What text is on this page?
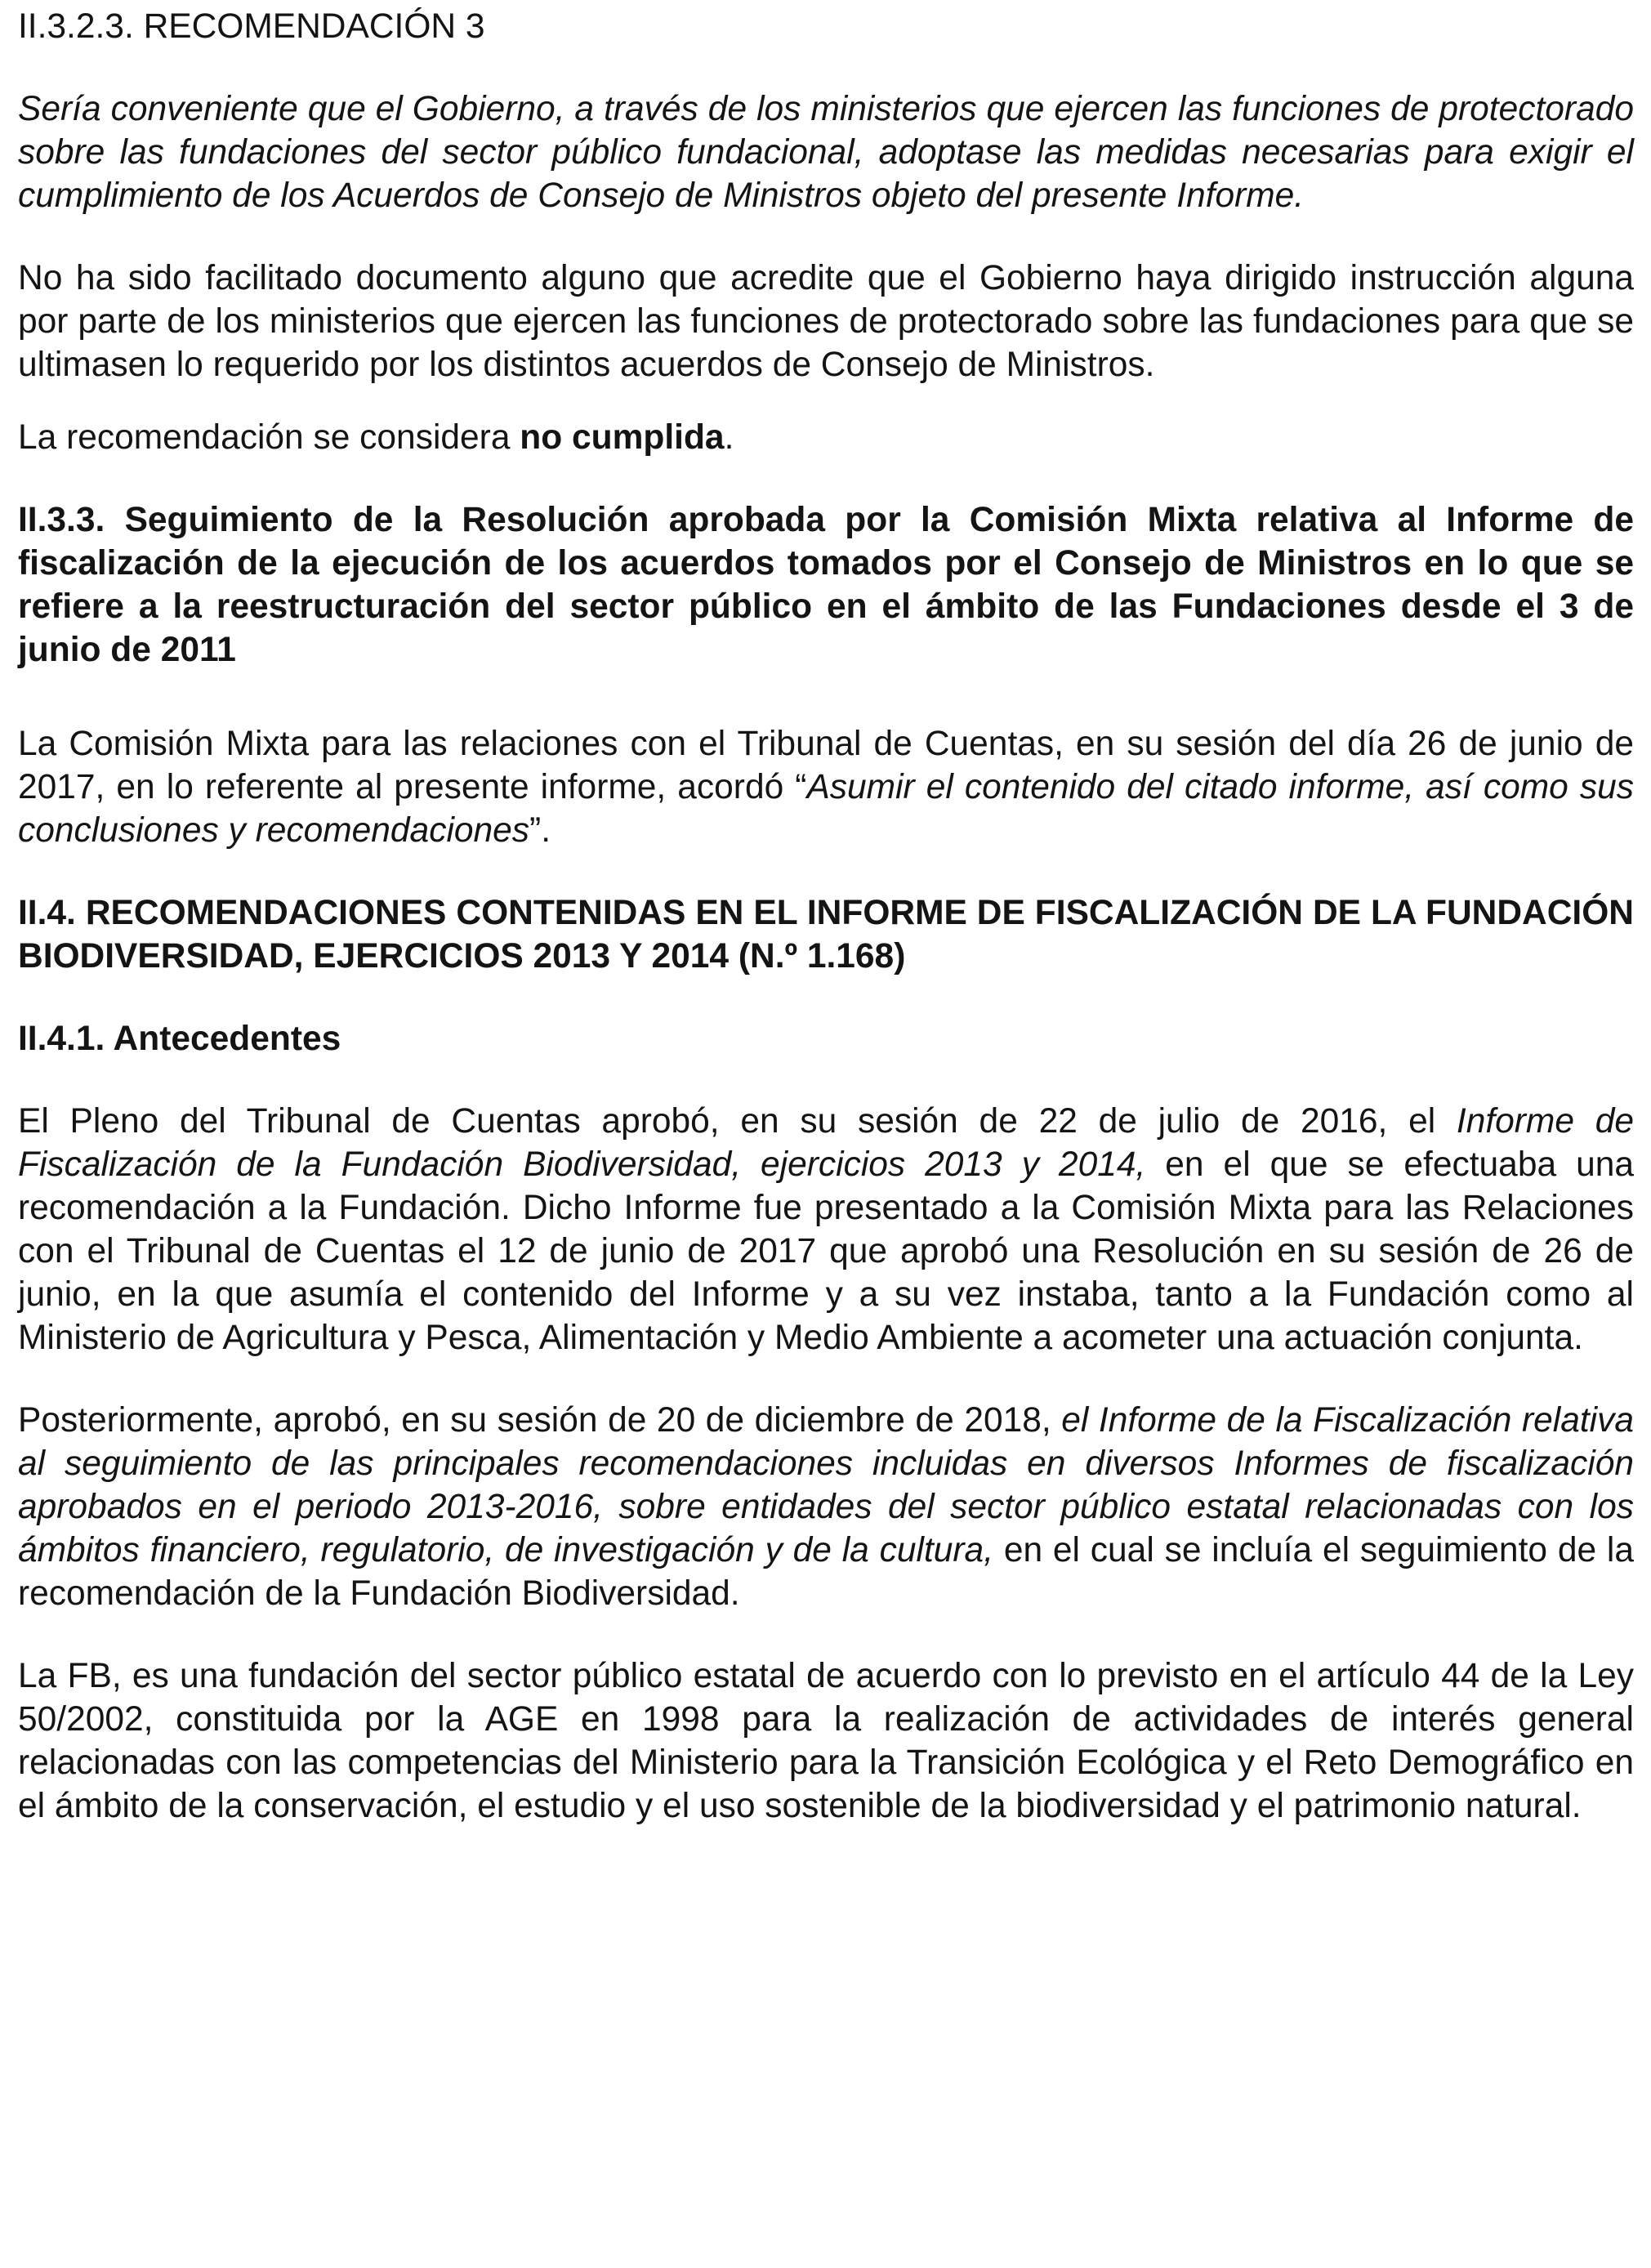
II.3.2.3. RECOMENDACIÓN 3

Sería conveniente que el Gobierno, a través de los ministerios que ejercen las funciones de protectorado sobre las fundaciones del sector público fundacional, adoptase las medidas necesarias para exigir el cumplimiento de los Acuerdos de Consejo de Ministros objeto del presente Informe.

No ha sido facilitado documento alguno que acredite que el Gobierno haya dirigido instrucción alguna por parte de los ministerios que ejercen las funciones de protectorado sobre las fundaciones para que se ultimasen lo requerido por los distintos acuerdos de Consejo de Ministros.

La recomendación se considera no cumplida.

II.3.3. Seguimiento de la Resolución aprobada por la Comisión Mixta relativa al Informe de fiscalización de la ejecución de los acuerdos tomados por el Consejo de Ministros en lo que se refiere a la reestructuración del sector público en el ámbito de las Fundaciones desde el 3 de junio de 2011

La Comisión Mixta para las relaciones con el Tribunal de Cuentas, en su sesión del día 26 de junio de 2017, en lo referente al presente informe, acordó “Asumir el contenido del citado informe, así como sus conclusiones y recomendaciones”.

II.4. RECOMENDACIONES CONTENIDAS EN EL INFORME DE FISCALIZACIÓN DE LA FUNDACIÓN BIODIVERSIDAD, EJERCICIOS 2013 Y 2014 (N.º 1.168)

II.4.1. Antecedentes

El Pleno del Tribunal de Cuentas aprobó, en su sesión de 22 de julio de 2016, el Informe de Fiscalización de la Fundación Biodiversidad, ejercicios 2013 y 2014, en el que se efectuaba una recomendación a la Fundación. Dicho Informe fue presentado a la Comisión Mixta para las Relaciones con el Tribunal de Cuentas el 12 de junio de 2017 que aprobó una Resolución en su sesión de 26 de junio, en la que asumía el contenido del Informe y a su vez instaba, tanto a la Fundación como al Ministerio de Agricultura y Pesca, Alimentación y Medio Ambiente a acometer una actuación conjunta.

Posteriormente, aprobó, en su sesión de 20 de diciembre de 2018, el Informe de la Fiscalización relativa al seguimiento de las principales recomendaciones incluidas en diversos Informes de fiscalización aprobados en el periodo 2013-2016, sobre entidades del sector público estatal relacionadas con los ámbitos financiero, regulatorio, de investigación y de la cultura, en el cual se incluía el seguimiento de la recomendación de la Fundación Biodiversidad.

La FB, es una fundación del sector público estatal de acuerdo con lo previsto en el artículo 44 de la Ley 50/2002, constituida por la AGE en 1998 para la realización de actividades de interés general relacionadas con las competencias del Ministerio para la Transición Ecológica y el Reto Demográfico en el ámbito de la conservación, el estudio y el uso sostenible de la biodiversidad y el patrimonio natural.
